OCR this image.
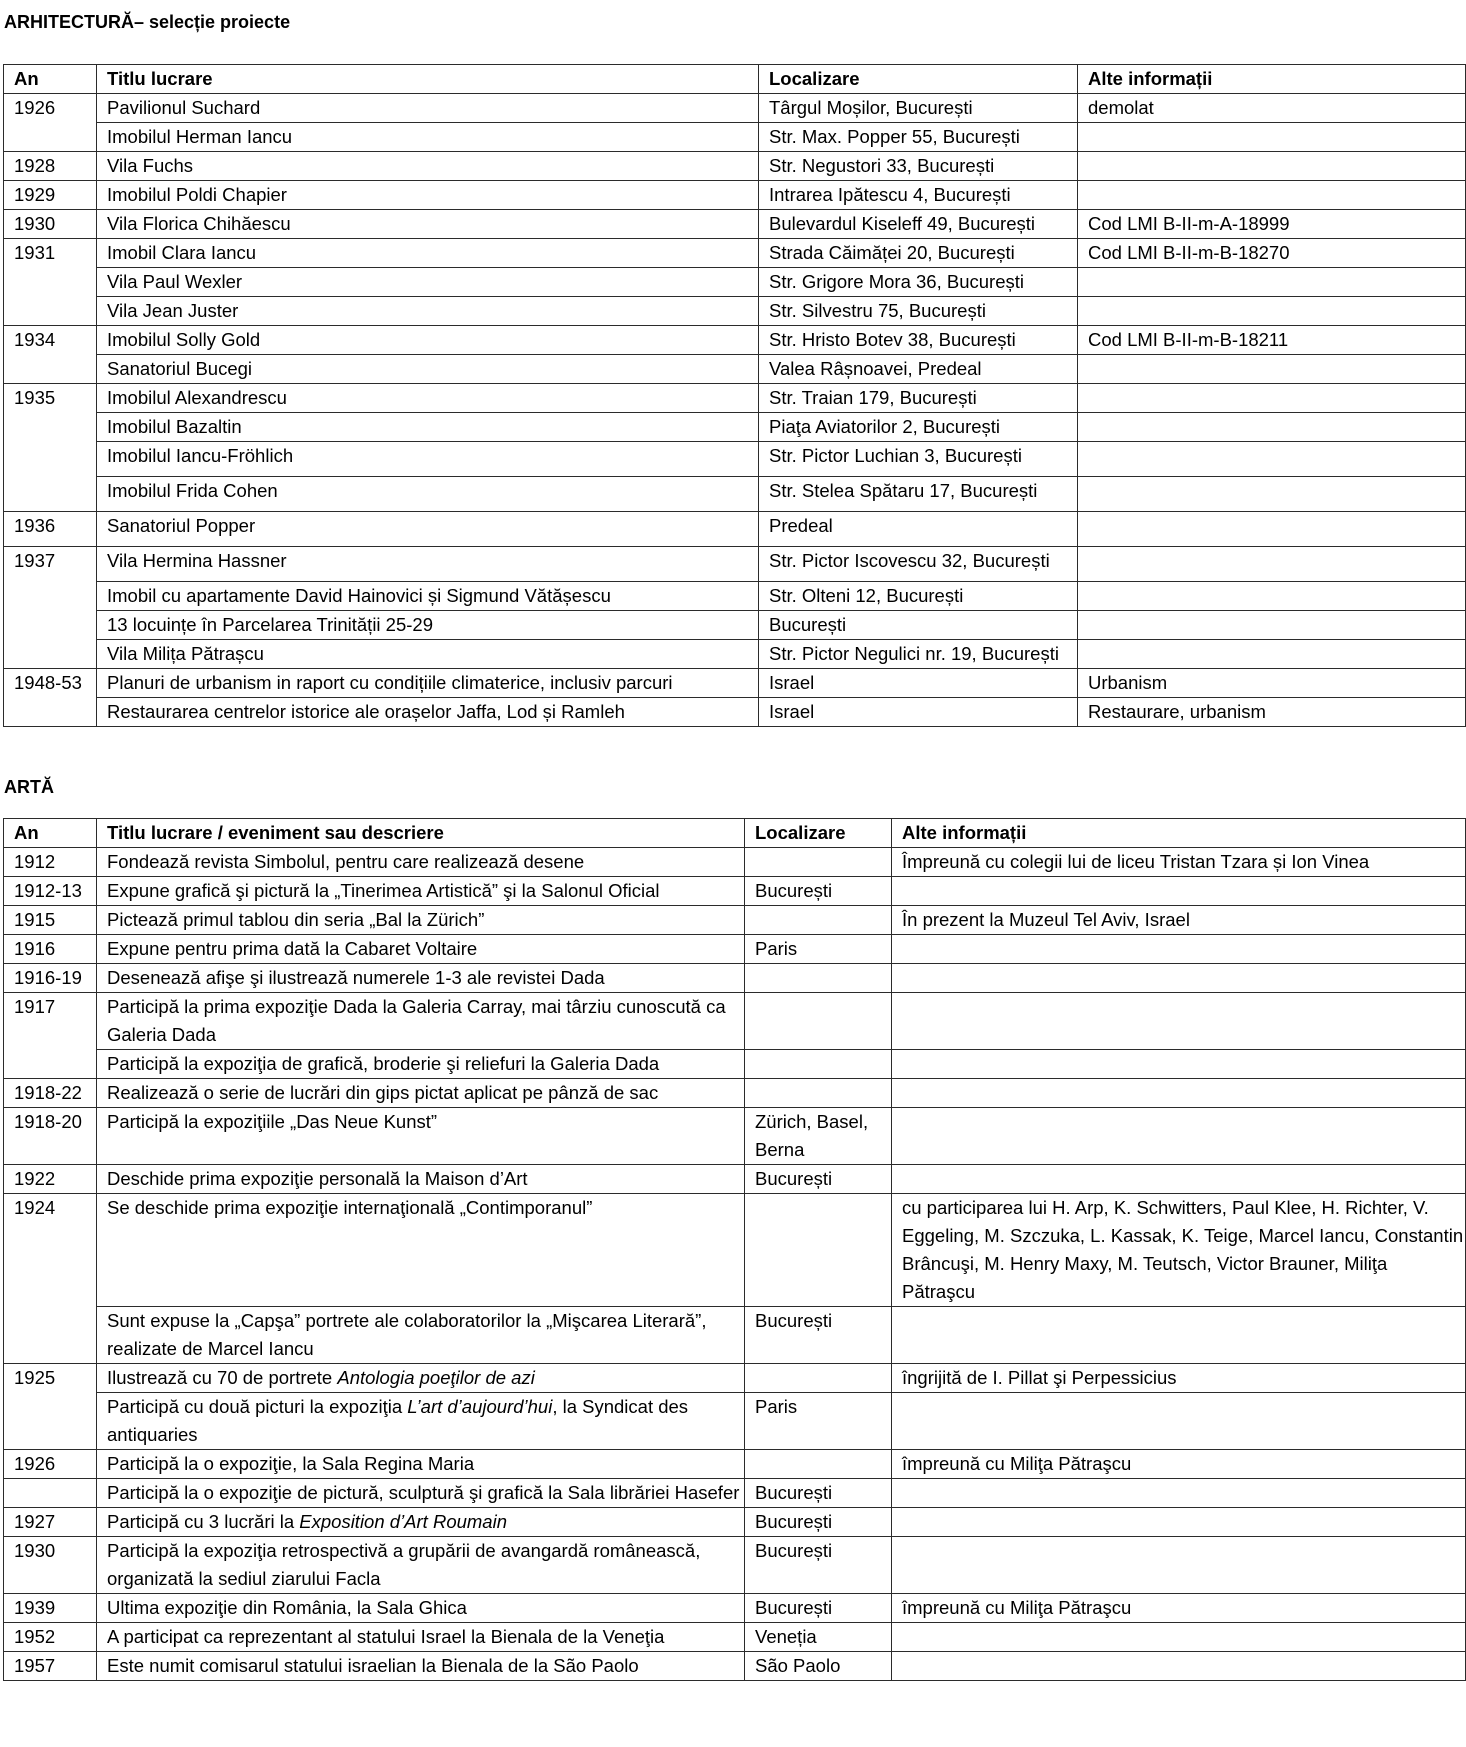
ARHITECTURĂ– selecție proiecte
An	Titlu lucrare	Localizare	Alte informații
1926	Pavilionul Suchard	Târgul Moșilor, București	demolat
	Imobilul Herman Iancu	Str. Max. Popper 55, București	
1928	Vila Fuchs	Str. Negustori 33, București	
1929	Imobilul Poldi Chapier	Intrarea Ipătescu 4, București	
1930	Vila Florica Chihăescu	Bulevardul Kiseleff 49, București	Cod LMI B-II-m-A-18999
1931	Imobil Clara Iancu	Strada Căimăței 20, București	Cod LMI B-II-m-B-18270
	Vila Paul Wexler	Str. Grigore Mora 36, București	
	Vila Jean Juster	Str. Silvestru 75, București	
1934	Imobilul Solly Gold	Str. Hristo Botev 38, București	Cod LMI B-II-m-B-18211
	Sanatoriul Bucegi	Valea Râșnoavei, Predeal	
1935	Imobilul Alexandrescu	Str. Traian 179, București	
	Imobilul Bazaltin	Piaţa Aviatorilor 2, București	
	Imobilul Iancu-Fröhlich	Str. Pictor Luchian 3, București	
	Imobilul Frida Cohen	Str. Stelea Spătaru 17, București	
1936	Sanatoriul Popper	Predeal	
1937	Vila Hermina Hassner	Str. Pictor Iscovescu 32, București	
	Imobil cu apartamente David Hainovici și Sigmund Vătășescu	Str. Olteni 12, București	
	13 locuințe în Parcelarea Trinității 25-29	București	
	Vila Milița Pătrașcu	Str. Pictor Negulici nr. 19, București	
1948-53	Planuri de urbanism in raport cu condițiile climaterice, inclusiv parcuri	Israel	Urbanism
	Restaurarea centrelor istorice ale orașelor Jaffa, Lod și Ramleh	Israel	Restaurare, urbanism
ARTĂ
An	Titlu lucrare / eveniment sau descriere	Localizare	Alte informații
1912	Fondează revista Simbolul, pentru care realizează desene		Împreună cu colegii lui de liceu Tristan Tzara și Ion Vinea
1912-13	Expune grafică şi pictură la „Tinerimea Artistică” şi la Salonul Oficial	București	
1915	Pictează primul tablou din seria „Bal la Zürich”		În prezent la Muzeul Tel Aviv, Israel
1916	Expune pentru prima dată la Cabaret Voltaire	Paris	
1916-19	Desenează afişe şi ilustrează numerele 1-3 ale revistei Dada		
1917	Participă la prima expoziţie Dada la Galeria Carray, mai târziu cunoscută ca Galeria Dada		
	Participă la expoziţia de grafică, broderie şi reliefuri la Galeria Dada		
1918-22	Realizează o serie de lucrări din gips pictat aplicat pe pânză de sac		
1918-20	Participă la expoziţiile „Das Neue Kunst”	Zürich, Basel, Berna	
1922	Deschide prima expoziţie personală la Maison d’Art	București	
1924	Se deschide prima expoziţie internaţională „Contimporanul”		cu participarea lui H. Arp, K. Schwitters, Paul Klee, H. Richter, V. Eggeling, M. Szczuka, L. Kassak, K. Teige, Marcel Iancu, Constantin Brâncuşi, M. Henry Maxy, M. Teutsch, Victor Brauner, Miliţa Pătraşcu
	Sunt expuse la „Capşa” portrete ale colaboratorilor la „Mişcarea Literară”, realizate de Marcel Iancu	București	
1925	Ilustrează cu 70 de portrete Antologia poeţilor de azi		îngrijită de I. Pillat şi Perpessicius
	Participă cu două picturi la expoziţia L’art d’aujourd’hui, la Syndicat des antiquaries	Paris	
1926	Participă la o expoziţie, la Sala Regina Maria		împreună cu Miliţa Pătraşcu
	Participă la o expoziţie de pictură, sculptură şi grafică la Sala librăriei Hasefer	București	
1927	Participă cu 3 lucrări la Exposition d’Art Roumain	București	
1930	Participă la expoziţia retrospectivă a grupării de avangardă românească, organizată la sediul ziarului Facla	București	
1939	Ultima expoziţie din România, la Sala Ghica	București	împreună cu Miliţa Pătraşcu
1952	A participat ca reprezentant al statului Israel la Bienala de la Veneţia	Veneția	
1957	Este numit comisarul statului israelian la Bienala de la São Paolo	São Paolo	
